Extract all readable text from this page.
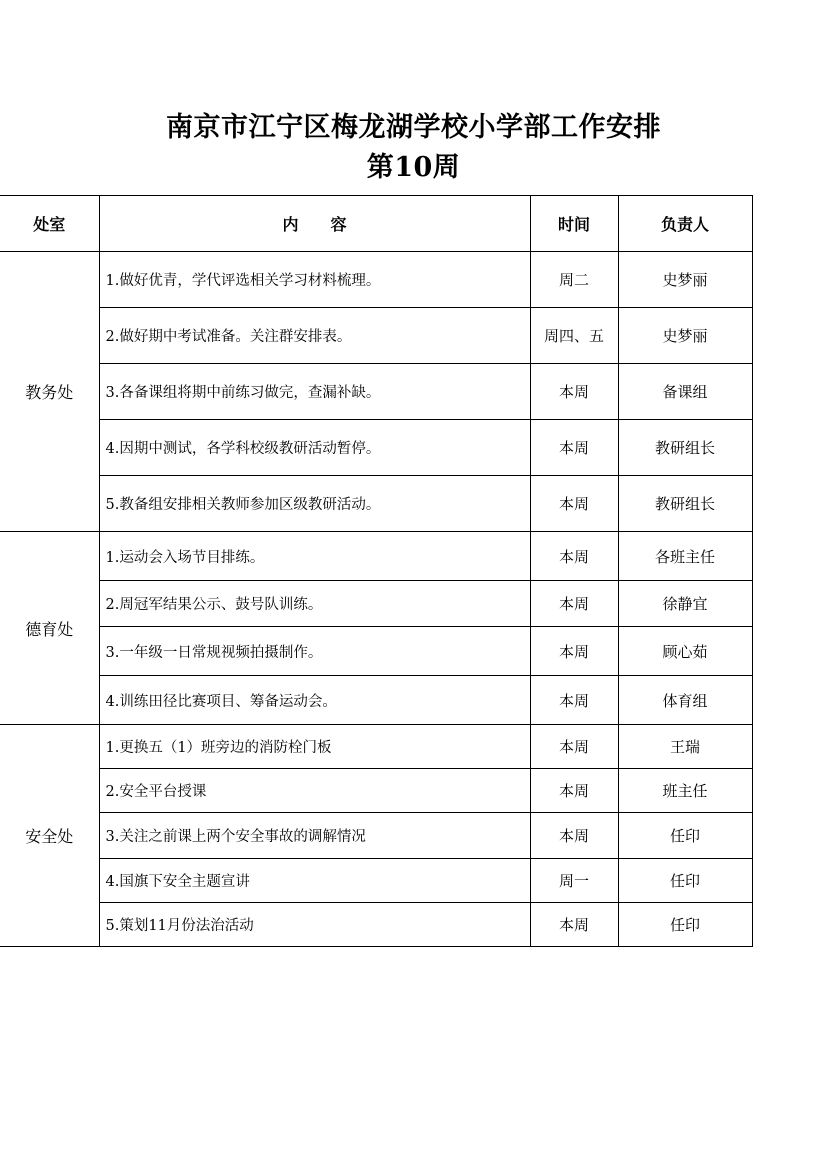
南京市江宁区梅龙湖学校小学部工作安排
第10周
处室	内　　容	时间	负责人
教务处	1.做好优青，学代评选相关学习材料梳理。	周二	史梦丽
	2.做好期中考试准备。关注群安排表。	周四、五	史梦丽
	3.各备课组将期中前练习做完，查漏补缺。	本周	备课组
	4.因期中测试，各学科校级教研活动暂停。	本周	教研组长
	5.教备组安排相关教师参加区级教研活动。	本周	教研组长
德育处	1.运动会入场节目排练。	本周	各班主任
	2.周冠军结果公示、鼓号队训练。	本周	徐静宜
	3.一年级一日常规视频拍摄制作。	本周	顾心茹
	4.训练田径比赛项目、筹备运动会。	本周	体育组
安全处	1.更换五（1）班旁边的消防栓门板	本周	王瑞
	2.安全平台授课	本周	班主任
	3.关注之前课上两个安全事故的调解情况	本周	任印
	4.国旗下安全主题宣讲	周一	任印
	5.策划11月份法治活动	本周	任印
